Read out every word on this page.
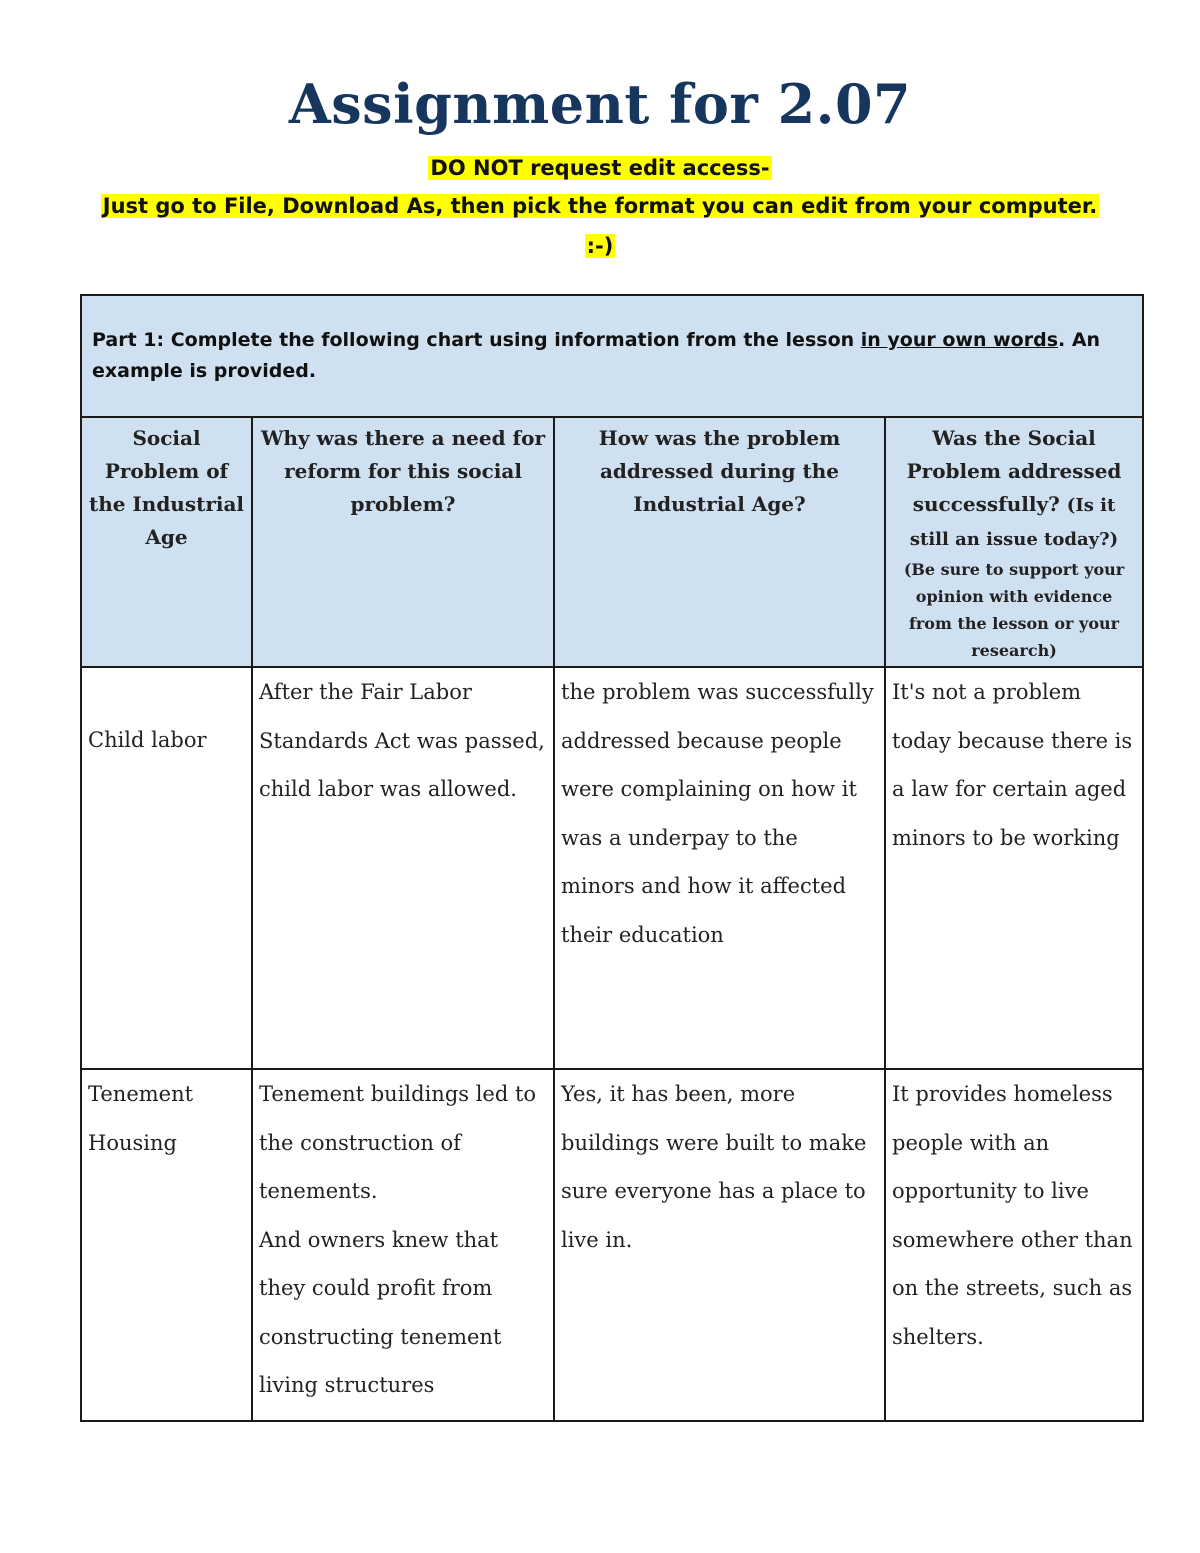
Assignment for 2.07
DO NOT request edit access-
Just go to File, Download As, then pick the format you can edit from your computer.
:-)
Part 1: Complete the following chart using information from the lesson in your own words. An example is provided.			
Social Problem of the Industrial Age	Why was there a need for reform for this social problem?	How was the problem addressed during the Industrial Age?	Was the Social Problem addressed successfully? (Is it still an issue today?)
(Be sure to support your opinion with evidence from the lesson or your research)

Child labor	After the Fair Labor Standards Act was passed, child labor was allowed.	the problem was successfully addressed because people were complaining on how it was a underpay to the minors and how it affected their education	It's not a problem today because there is a law for certain aged minors to be working

Tenement Housing	Tenement buildings led to the construction of tenements.
And owners knew that they could profit from constructing tenement living structures	Yes, it has been, more buildings were built to make sure everyone has a place to live in.	It provides homeless people with an opportunity to live somewhere other than on the streets, such as shelters.
